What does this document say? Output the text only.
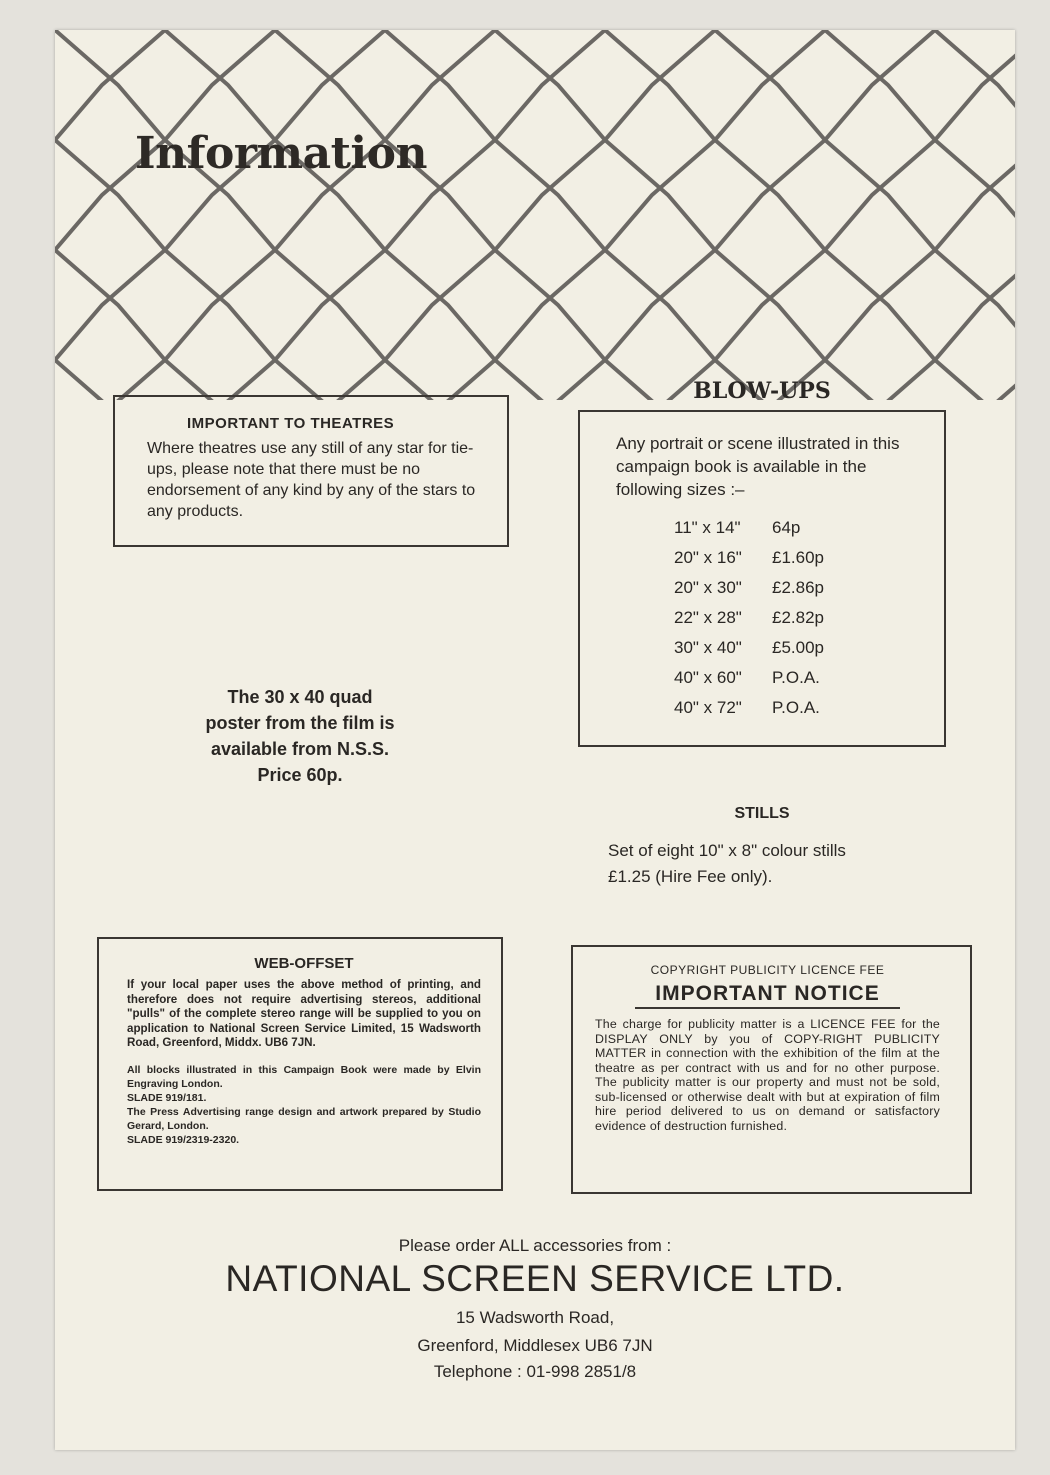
Information
IMPORTANT TO THEATRES

Where theatres use any still of any star for tie-ups, please note that there must be no endorsement of any kind by any of the stars to any products.

BLOW-UPS

Any portrait or scene illustrated in this campaign book is available in the following sizes :–

11" x 14"	64p
20" x 16"	£1.60p
20" x 30"	£2.86p
22" x 28"	£2.82p
30" x 40"	£5.00p
40" x 60"	P.O.A.
40" x 72"	P.O.A.
The 30 x 40 quad
poster from the film is
available from N.S.S.
Price 60p.
STILLS
Set of eight 10" x 8" colour stills
£1.25 (Hire Fee only).
WEB-OFFSET

If your local paper uses the above method of printing, and therefore does not require advertising stereos, additional "pulls" of the complete stereo range will be supplied to you on application to National Screen Service Limited, 15 Wadsworth Road, Greenford, Middx. UB6 7JN.

All blocks illustrated in this Campaign Book were made by Elvin Engraving London.
SLADE 919/181.
The Press Advertising range design and artwork prepared by Studio Gerard, London.
SLADE 919/2319-2320.

COPYRIGHT PUBLICITY LICENCE FEE
IMPORTANT NOTICE

The charge for publicity matter is a LICENCE FEE for the DISPLAY ONLY by you of COPY-RIGHT PUBLICITY MATTER in connection with the exhibition of the film at the theatre as per contract with us and for no other purpose. The publicity matter is our property and must not be sold, sub-licensed or otherwise dealt with but at expiration of film hire period delivered to us on demand or satisfactory evidence of destruction furnished.

Please order ALL accessories from :
NATIONAL SCREEN SERVICE LTD.
15 Wadsworth Road,
Greenford, Middlesex UB6 7JN
Telephone : 01-998 2851/8
